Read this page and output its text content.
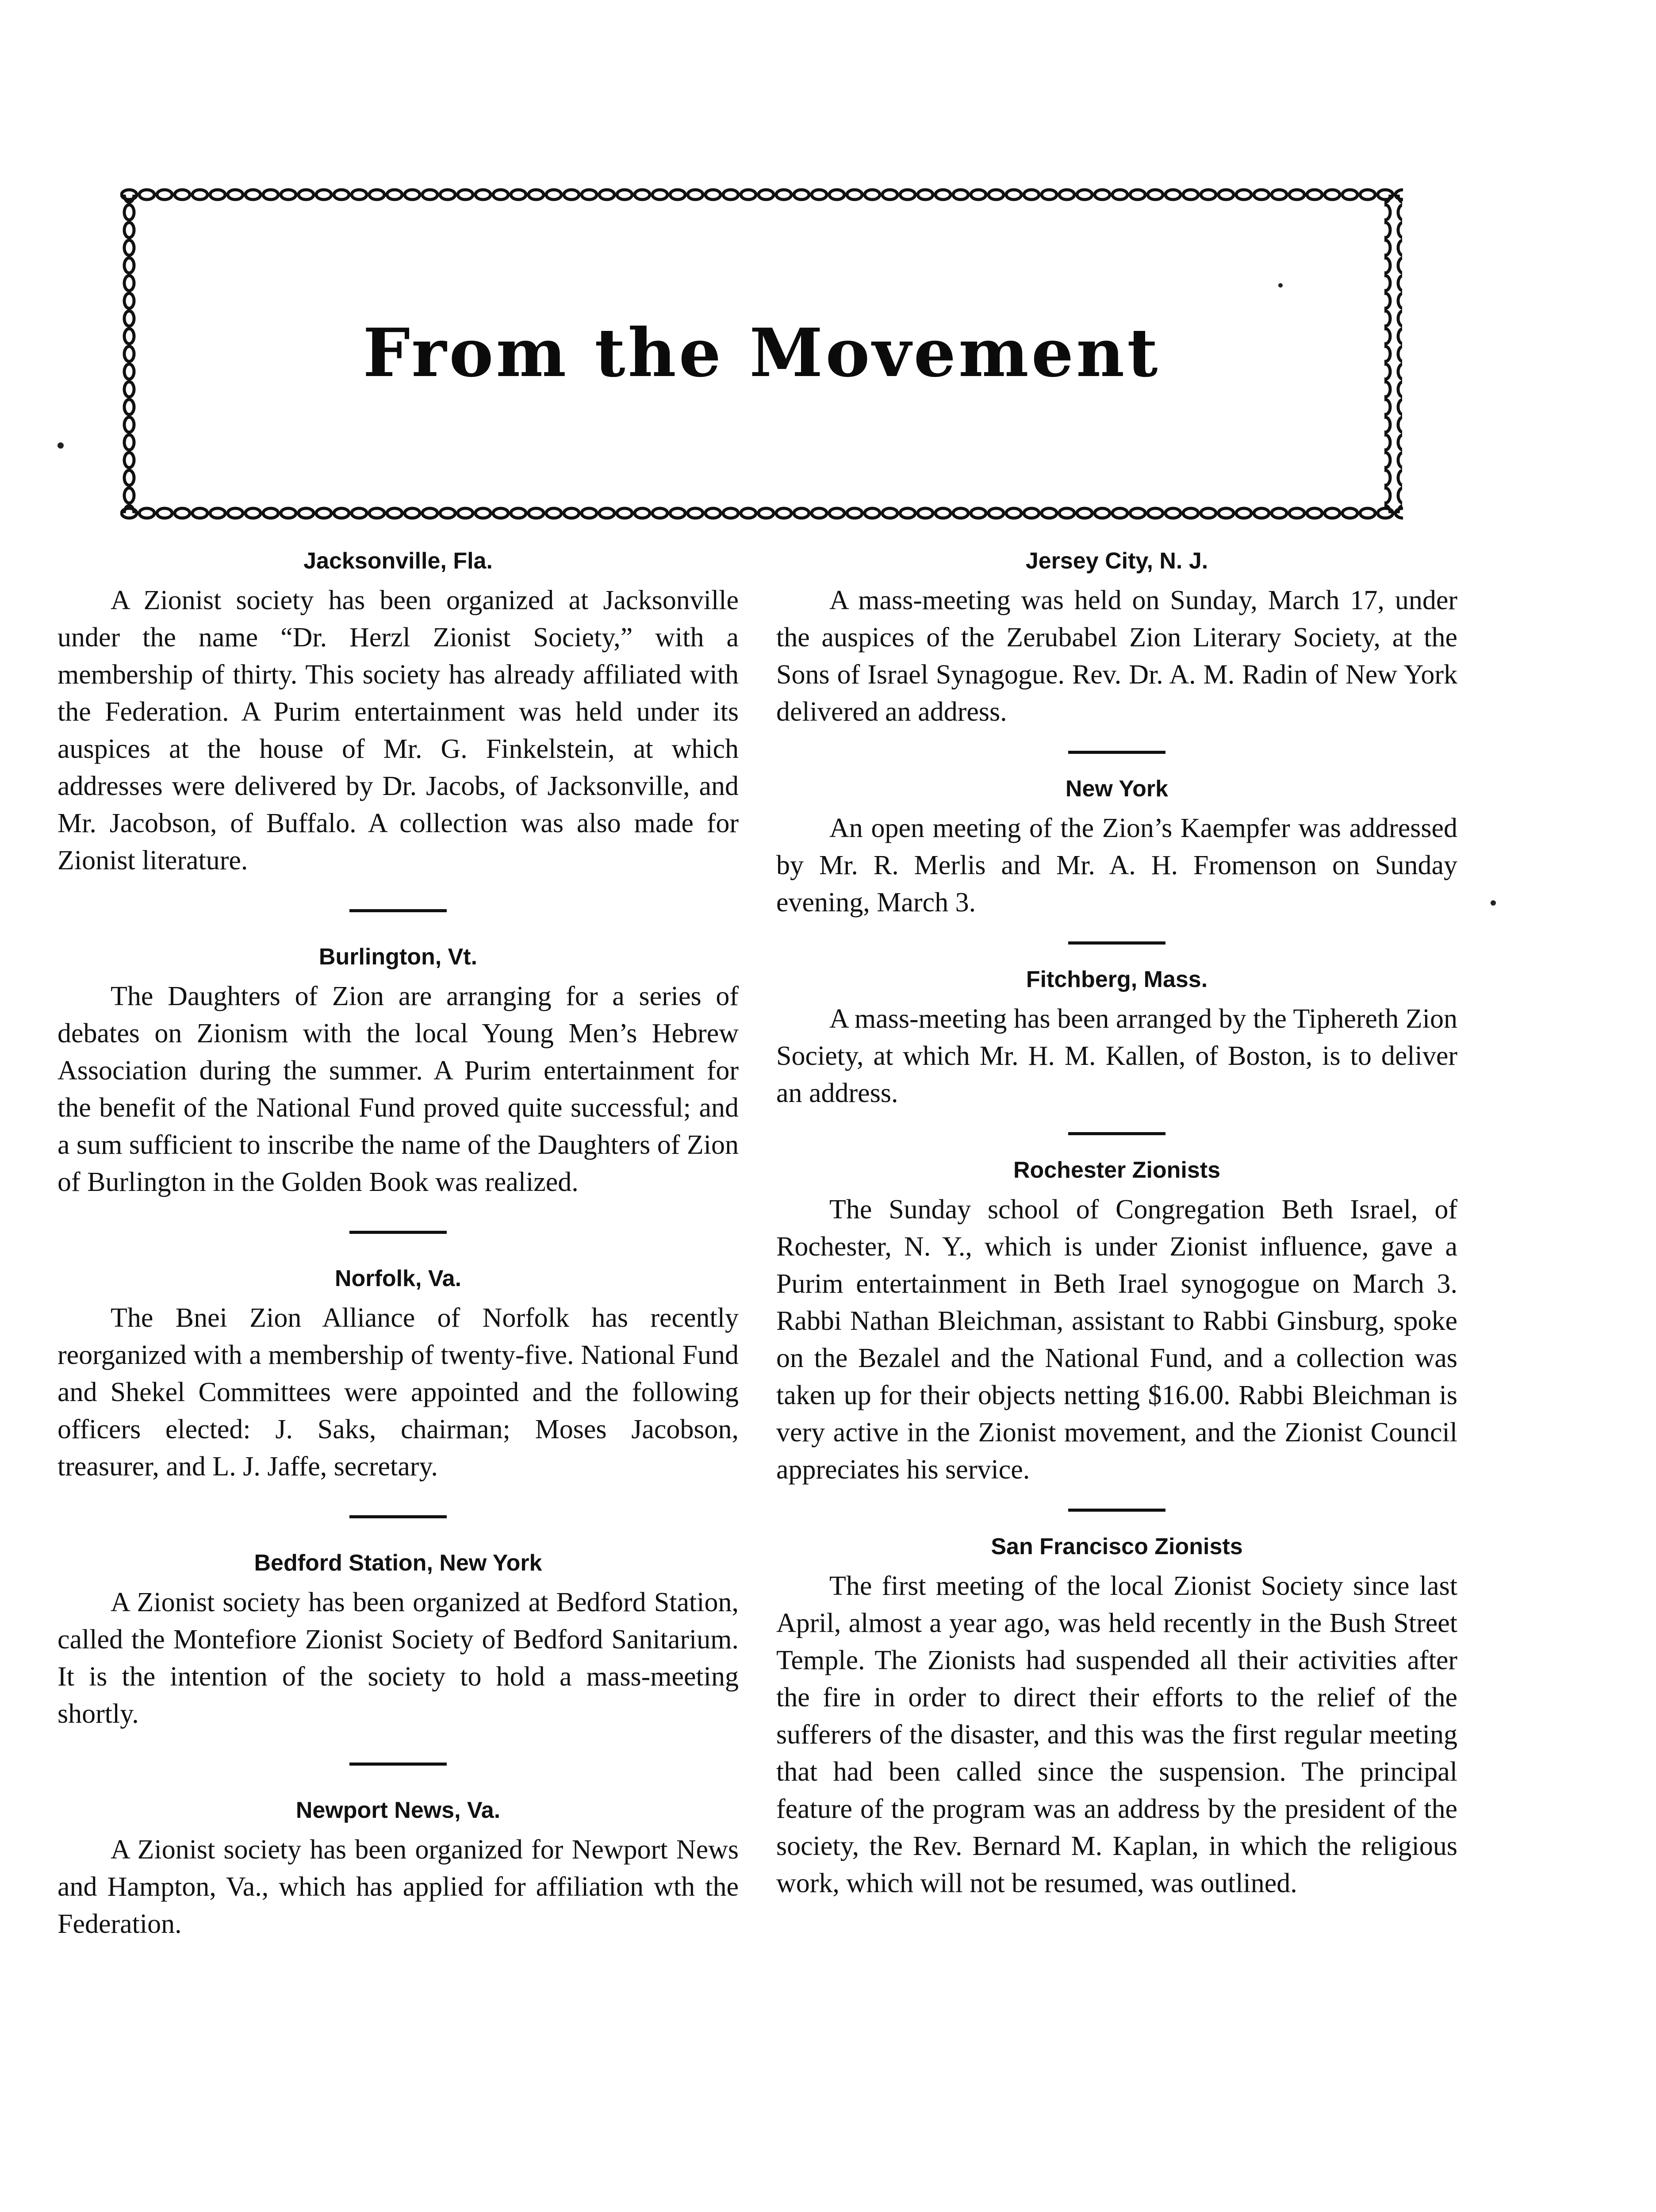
From the Movement
Jacksonville, Fla.

A Zionist society has been organized at Jacksonville under the name “Dr. Herzl Zionist Society,” with a membership of thirty. This society has already affiliated with the Federation. A Purim entertainment was held under its auspices at the house of Mr. G. Finkelstein, at which addresses were delivered by Dr. Jacobs, of Jacksonville, and Mr. Jacobson, of Buffalo. A collection was also made for Zionist literature.

Burlington, Vt.

The Daughters of Zion are arranging for a series of debates on Zionism with the local Young Men’s Hebrew Association during the summer. A Purim entertainment for the benefit of the National Fund proved quite successful; and a sum sufficient to inscribe the name of the Daughters of Zion of Burlington in the Golden Book was realized.

Norfolk, Va.

The Bnei Zion Alliance of Norfolk has recently reorganized with a membership of twenty-five. National Fund and Shekel Committees were appointed and the following officers elected: J. Saks, chairman; Moses Jacobson, treasurer, and L. J. Jaffe, secretary.

Bedford Station, New York

A Zionist society has been organized at Bedford Station, called the Montefiore Zionist Society of Bedford Sanitarium. It is the intention of the society to hold a mass-meeting shortly.

Newport News, Va.

A Zionist society has been organized for Newport News and Hampton, Va., which has applied for affiliation wth the Federation.

Jersey City, N. J.

A mass-meeting was held on Sunday, March 17, under the auspices of the Zerubabel Zion Literary Society, at the Sons of Israel Synagogue. Rev. Dr. A. M. Radin of New York delivered an address.

New York

An open meeting of the Zion’s Kaempfer was addressed by Mr. R. Merlis and Mr. A. H. Fromenson on Sunday evening, March 3.

Fitchberg, Mass.

A mass-meeting has been arranged by the Tiphereth Zion Society, at which Mr. H. M. Kallen, of Boston, is to deliver an address.

Rochester Zionists

The Sunday school of Congregation Beth Israel, of Rochester, N. Y., which is under Zionist influence, gave a Purim entertainment in Beth Irael synogogue on March 3. Rabbi Nathan Bleichman, assistant to Rabbi Ginsburg, spoke on the Bezalel and the National Fund, and a collection was taken up for their objects netting $16.00. Rabbi Bleichman is very active in the Zionist movement, and the Zionist Council appreciates his service.

San Francisco Zionists

The first meeting of the local Zionist Society since last April, almost a year ago, was held recently in the Bush Street Temple. The Zionists had suspended all their activities after the fire in order to direct their efforts to the relief of the sufferers of the disaster, and this was the first regular meeting that had been called since the suspension. The principal feature of the program was an address by the president of the society, the Rev. Bernard M. Kaplan, in which the religious work, which will not be resumed, was outlined.
